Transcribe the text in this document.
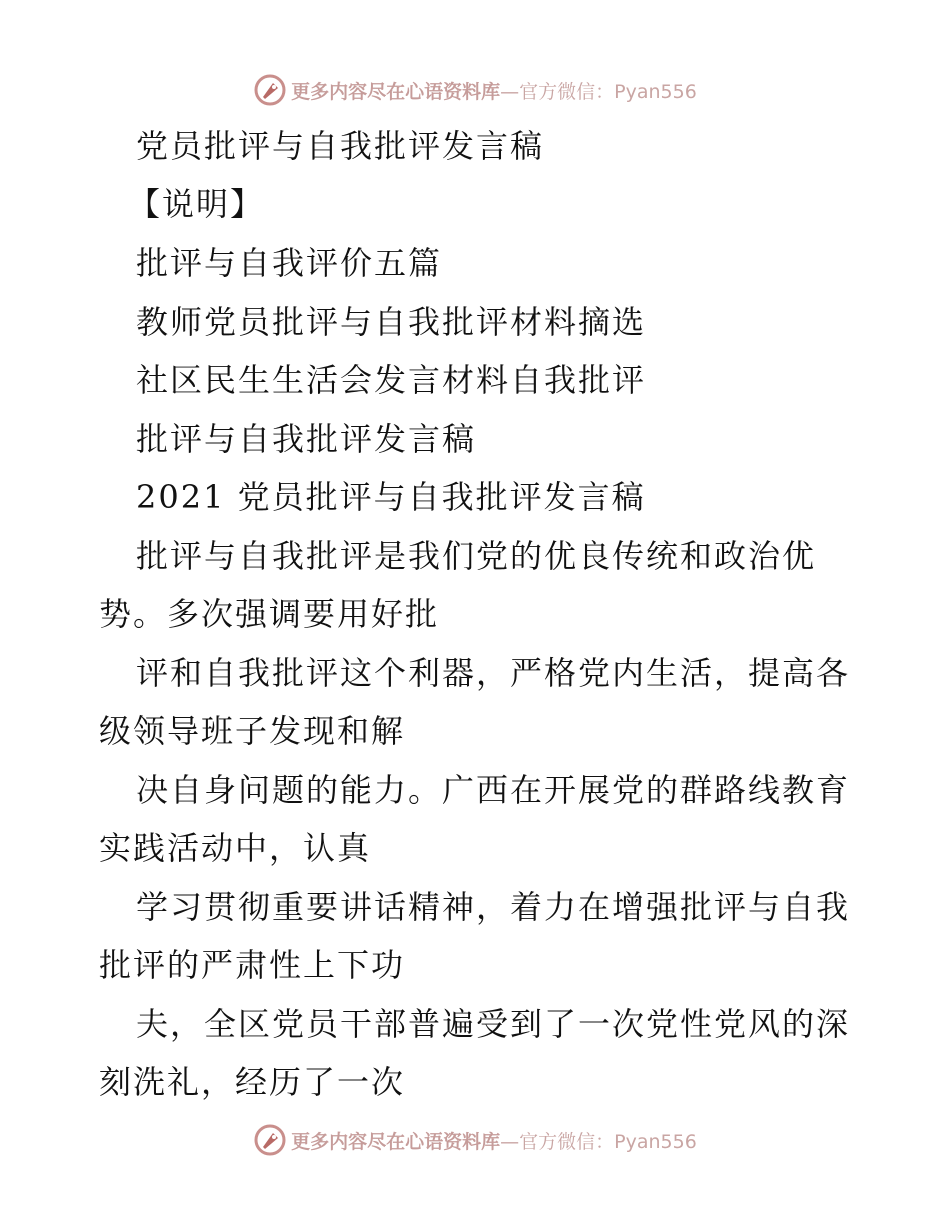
更多内容尽在心语资料库—官方微信：Pyan556
党员批评与自我批评发言稿
【说明】
批评与自我评价五篇
教师党员批评与自我批评材料摘选
社区民生生活会发言材料自我批评
批评与自我批评发言稿
2021 党员批评与自我批评发言稿
批评与自我批评是我们党的优良传统和政治优
势。多次强调要用好批
评和自我批评这个利器，严格党内生活，提高各
级领导班子发现和解
决自身问题的能力。广西在开展党的群路线教育
实践活动中，认真
学习贯彻重要讲话精神，着力在增强批评与自我
批评的严肃性上下功
夫，全区党员干部普遍受到了一次党性党风的深
刻洗礼，经历了一次
更多内容尽在心语资料库—官方微信：Pyan556
